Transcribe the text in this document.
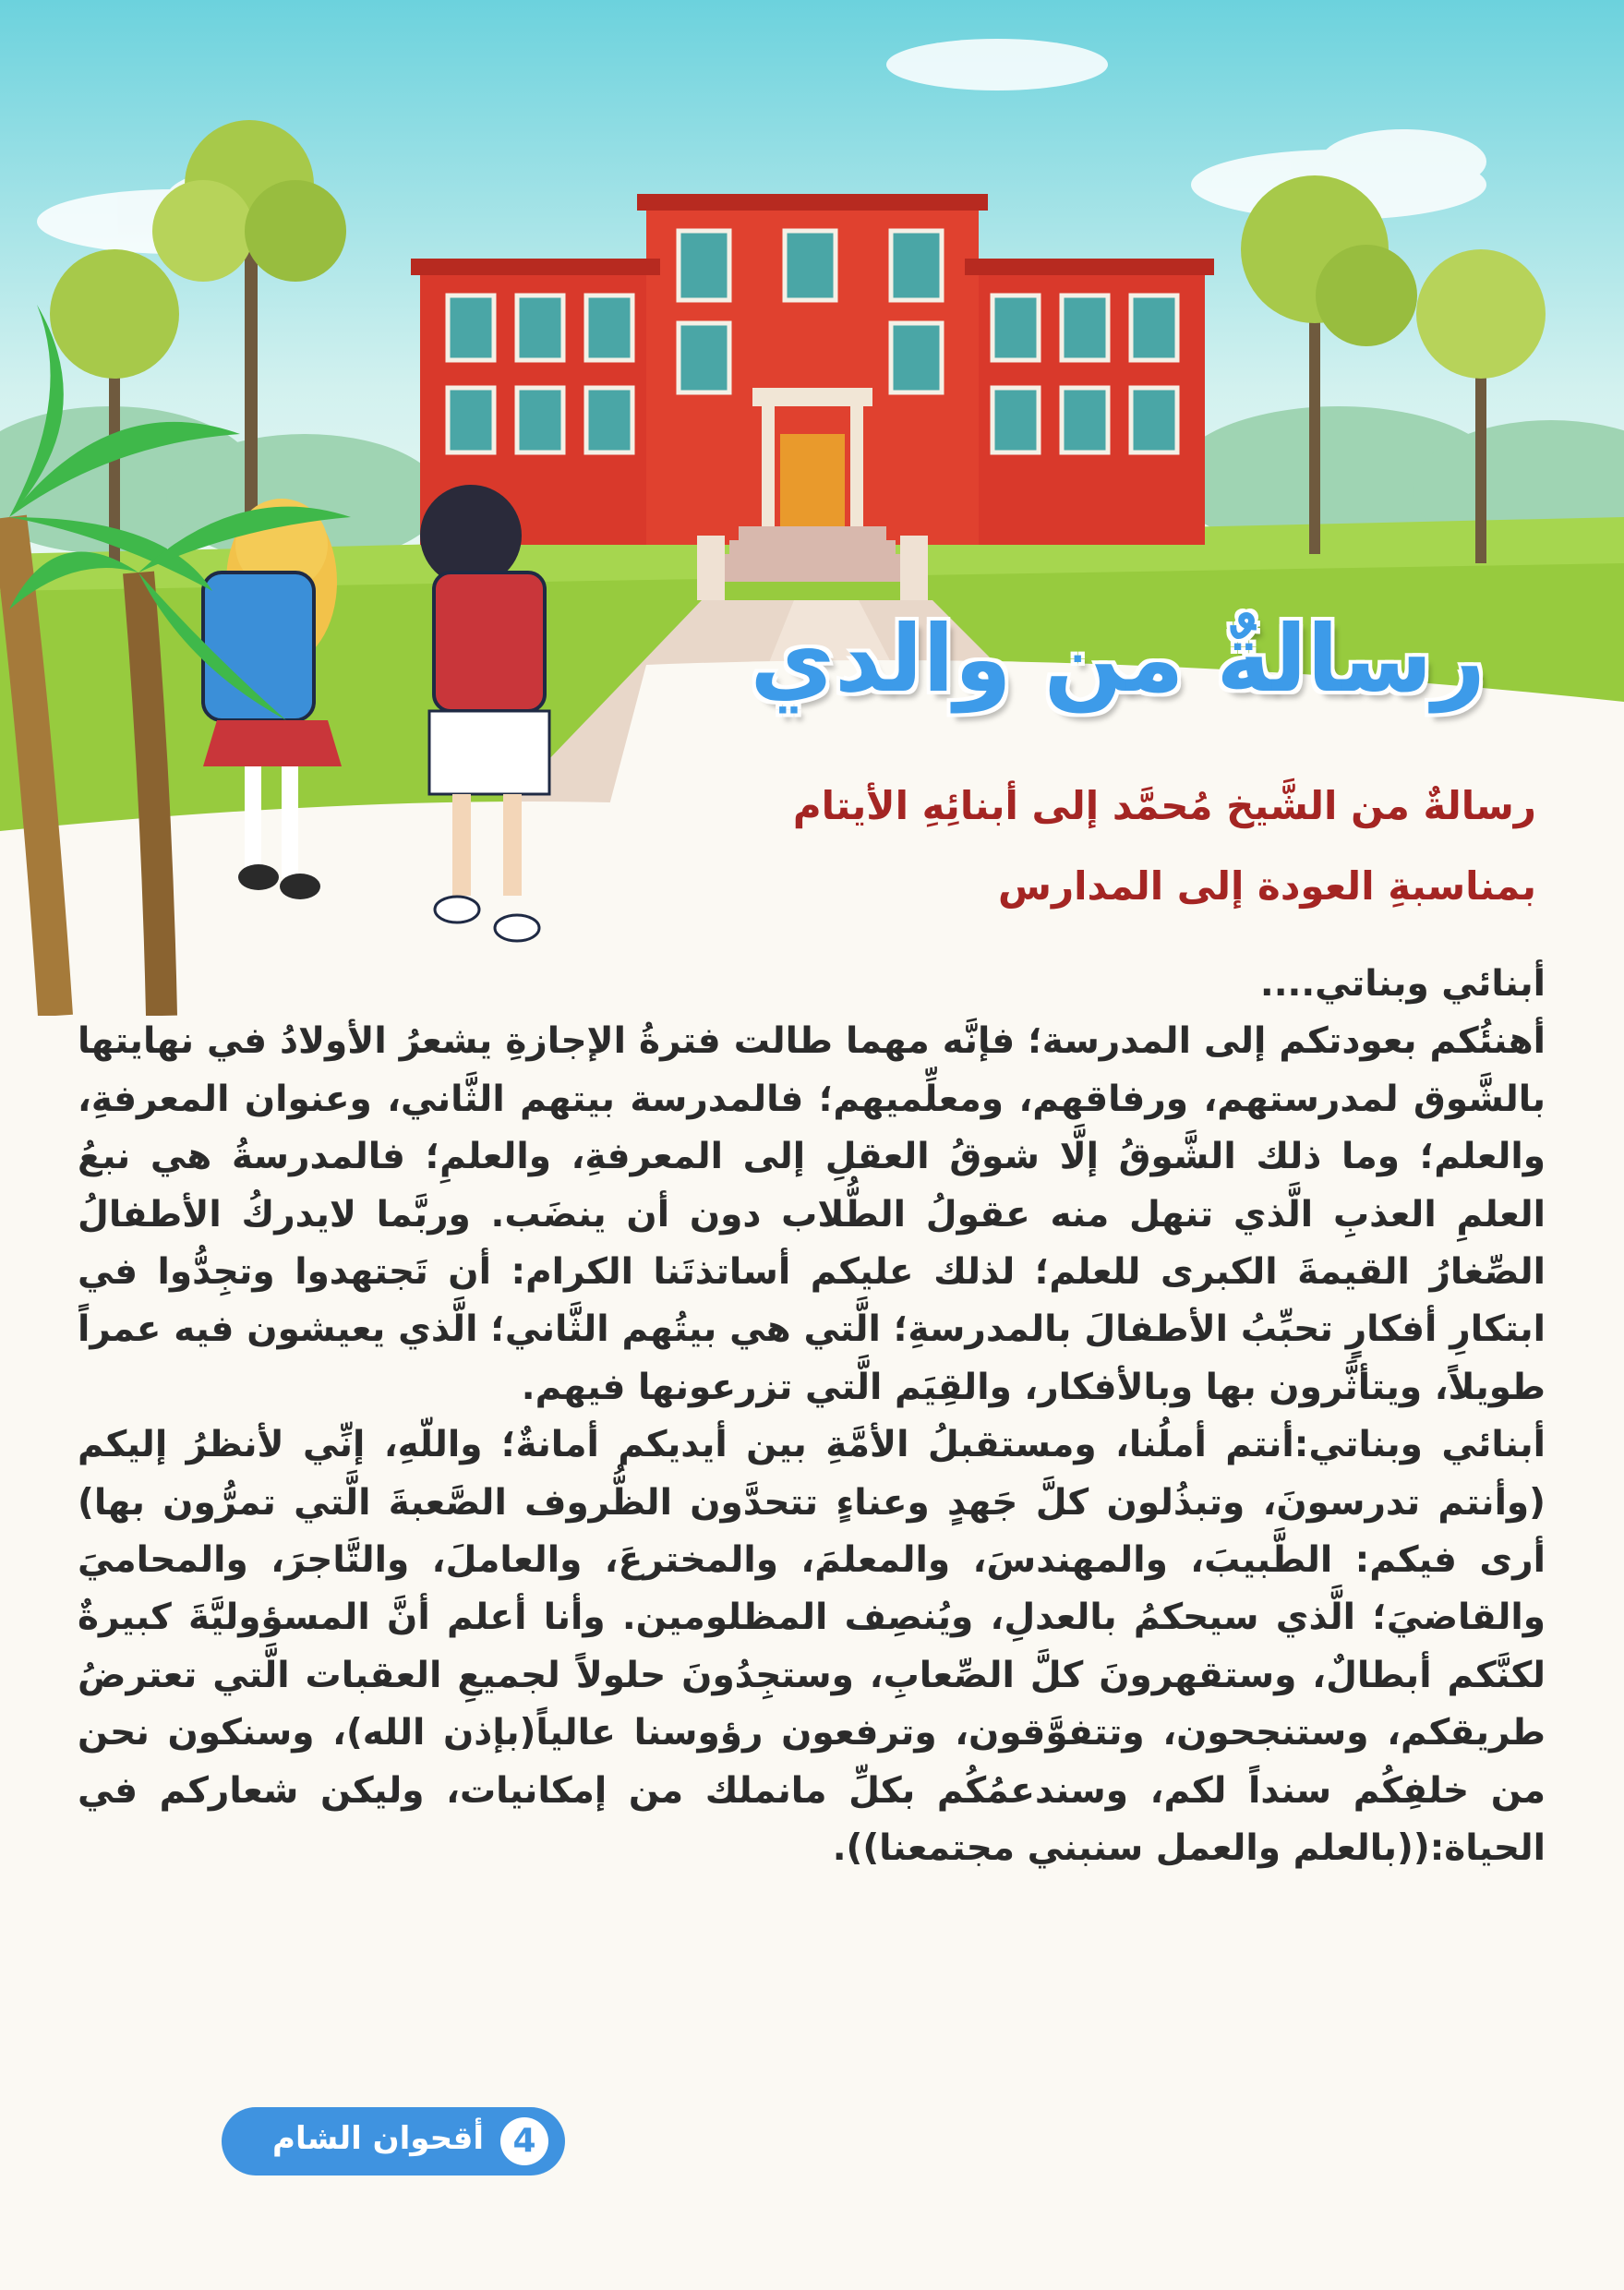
رسالةٌ من والدي
رسالةٌ من الشَّيخ مُحمَّد إلى أبنائِهِ الأيتام
بمناسبةِ العودة إلى المدارس

أبنائي وبناتي....

أهنئُكم بعودتكم إلى المدرسة؛ فإنَّه مهما طالت فترةُ الإجازةِ يشعرُ الأولادُ في نهايتها بالشَّوق لمدرستهم، ورفاقهم، ومعلِّميهم؛ فالمدرسة بيتهم الثَّاني، وعنوان المعرفةِ، والعلم؛ وما ذلك الشَّوقُ إلَّا شوقُ العقلِ إلى المعرفةِ، والعلمِ؛ فالمدرسةُ هي نبعُ العلمِ العذبِ الَّذي تنهل منه عقولُ الطُّلاب دون أن ينضَب. وربَّما لايدركُ الأطفالُ الصِّغارُ القيمةَ الكبرى للعلم؛ لذلك عليكم أساتذتَنا الكرام: أن تَجتهدوا وتجِدُّوا في ابتكارِ أفكارٍ تحبِّبُ الأطفالَ بالمدرسةِ؛ الَّتي هي بيتُهم الثَّاني؛ الَّذي يعيشون فيه عمراً طويلاً، ويتأثَّرون بها وبالأفكار، والقِيَم الَّتي تزرعونها فيهم.

أبنائي وبناتي:أنتم أملُنا، ومستقبلُ الأمَّةِ بين أيديكم أمانةٌ؛ واللّهِ، إنِّي لأنظرُ إليكم (وأنتم تدرسونَ، وتبذُلون كلَّ جَهدٍ وعناءٍ تتحدَّون الظُّروف الصَّعبةَ الَّتي تمرُّون بها) أرى فيكم: الطَّبيبَ، والمهندسَ، والمعلمَ، والمخترعَ، والعاملَ، والتَّاجرَ، والمحاميَ والقاضيَ؛ الَّذي سيحكمُ بالعدلِ، ويُنصِف المظلومين. وأنا أعلم أنَّ المسؤوليَّةَ كبيرةٌ لكنَّكم أبطالٌ، وستقهرونَ كلَّ الصِّعابِ، وستجِدُونَ حلولاً لجميعِ العقبات الَّتي تعترضُ طريقكم، وستنجحون، وتتفوَّقون، وترفعون رؤوسنا عالياً(بإذن الله)، وسنكون نحن من خلفِكُم سنداً لكم، وسندعمُكُم بكلِّ مانملك من إمكانيات، وليكن شعاركم في الحياة:((بالعلم والعمل سنبني مجتمعنا)).

4
أقحوان الشام
